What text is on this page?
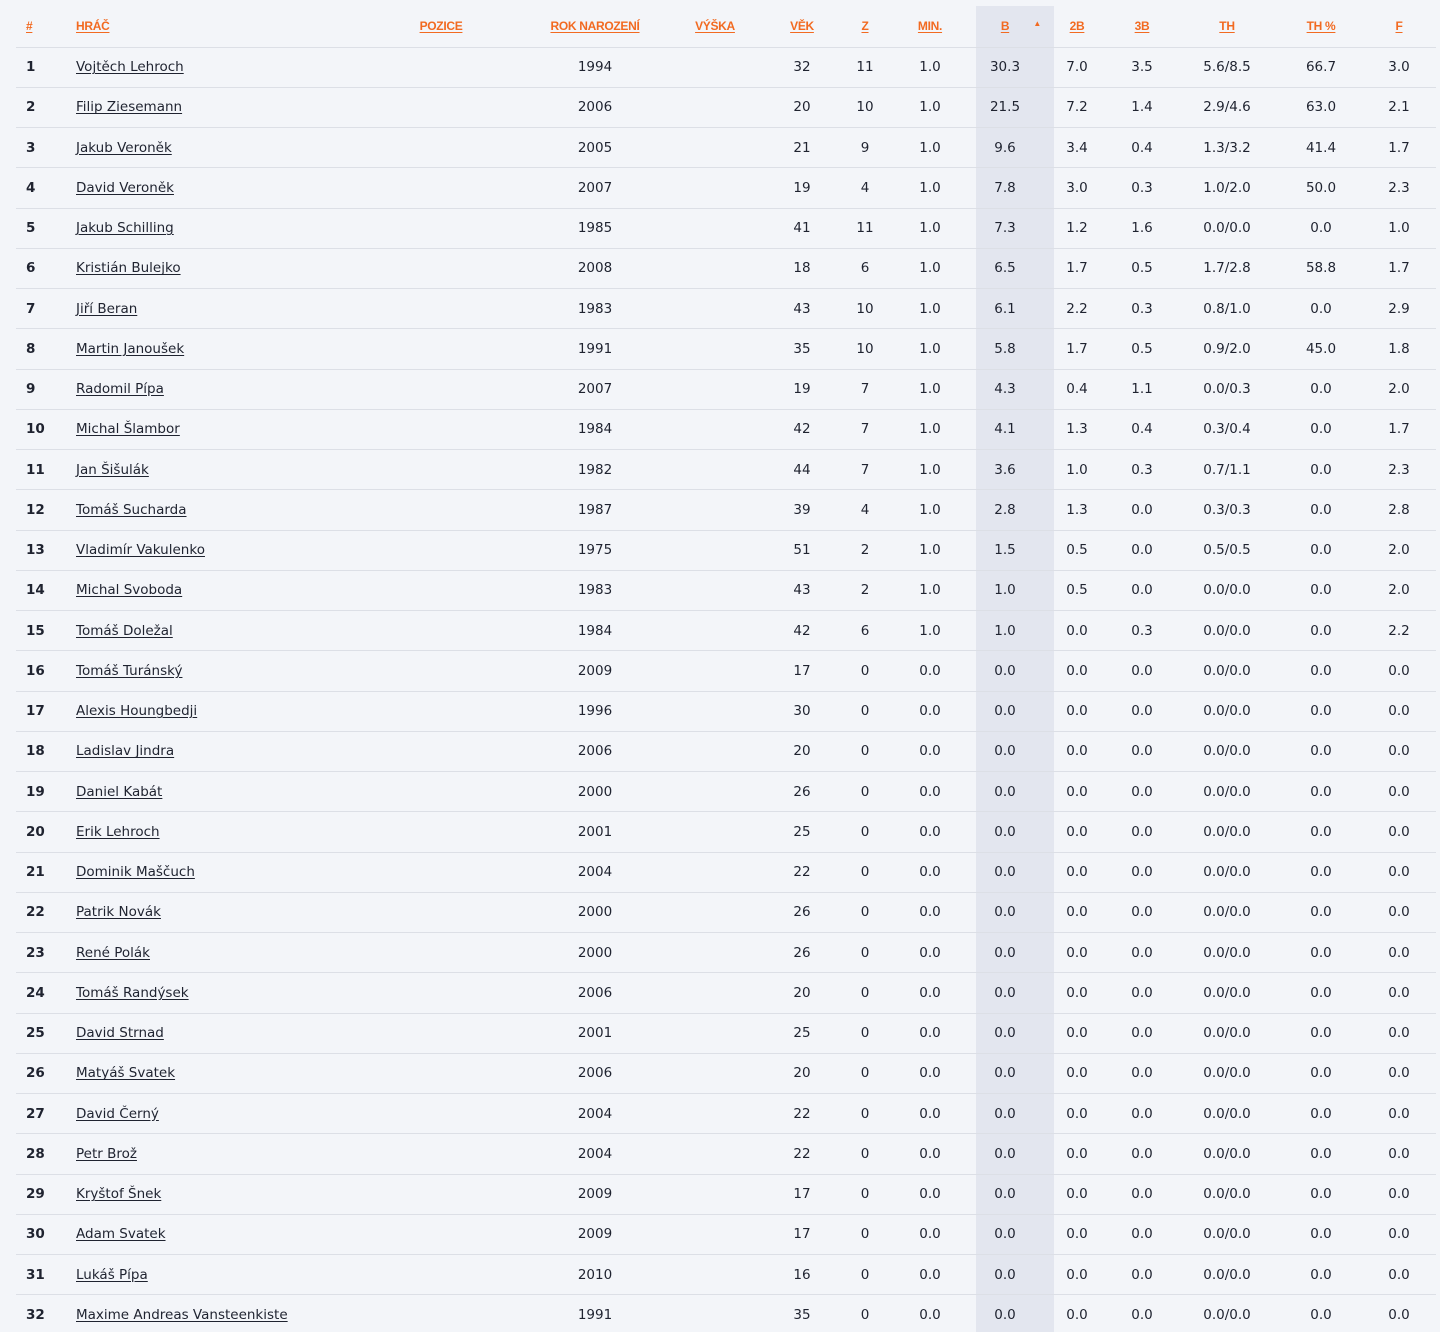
#	HRÁČ	POZICE	ROK NAROZENÍ	VÝŠKA	VĚK	Z	MIN.	B ▲	2B	3B	TH	TH %	F
1	Vojtěch Lehroch		1994		32	11	1.0	30.3	7.0	3.5	5.6/8.5	66.7	3.0
2	Filip Ziesemann		2006		20	10	1.0	21.5	7.2	1.4	2.9/4.6	63.0	2.1
3	Jakub Veroněk		2005		21	9	1.0	9.6	3.4	0.4	1.3/3.2	41.4	1.7
4	David Veroněk		2007		19	4	1.0	7.8	3.0	0.3	1.0/2.0	50.0	2.3
5	Jakub Schilling		1985		41	11	1.0	7.3	1.2	1.6	0.0/0.0	0.0	1.0
6	Kristián Bulejko		2008		18	6	1.0	6.5	1.7	0.5	1.7/2.8	58.8	1.7
7	Jiří Beran		1983		43	10	1.0	6.1	2.2	0.3	0.8/1.0	0.0	2.9
8	Martin Janoušek		1991		35	10	1.0	5.8	1.7	0.5	0.9/2.0	45.0	1.8
9	Radomil Pípa		2007		19	7	1.0	4.3	0.4	1.1	0.0/0.3	0.0	2.0
10	Michal Šlambor		1984		42	7	1.0	4.1	1.3	0.4	0.3/0.4	0.0	1.7
11	Jan Šišulák		1982		44	7	1.0	3.6	1.0	0.3	0.7/1.1	0.0	2.3
12	Tomáš Sucharda		1987		39	4	1.0	2.8	1.3	0.0	0.3/0.3	0.0	2.8
13	Vladimír Vakulenko		1975		51	2	1.0	1.5	0.5	0.0	0.5/0.5	0.0	2.0
14	Michal Svoboda		1983		43	2	1.0	1.0	0.5	0.0	0.0/0.0	0.0	2.0
15	Tomáš Doležal		1984		42	6	1.0	1.0	0.0	0.3	0.0/0.0	0.0	2.2
16	Tomáš Turánský		2009		17	0	0.0	0.0	0.0	0.0	0.0/0.0	0.0	0.0
17	Alexis Houngbedji		1996		30	0	0.0	0.0	0.0	0.0	0.0/0.0	0.0	0.0
18	Ladislav Jindra		2006		20	0	0.0	0.0	0.0	0.0	0.0/0.0	0.0	0.0
19	Daniel Kabát		2000		26	0	0.0	0.0	0.0	0.0	0.0/0.0	0.0	0.0
20	Erik Lehroch		2001		25	0	0.0	0.0	0.0	0.0	0.0/0.0	0.0	0.0
21	Dominik Maščuch		2004		22	0	0.0	0.0	0.0	0.0	0.0/0.0	0.0	0.0
22	Patrik Novák		2000		26	0	0.0	0.0	0.0	0.0	0.0/0.0	0.0	0.0
23	René Polák		2000		26	0	0.0	0.0	0.0	0.0	0.0/0.0	0.0	0.0
24	Tomáš Randýsek		2006		20	0	0.0	0.0	0.0	0.0	0.0/0.0	0.0	0.0
25	David Strnad		2001		25	0	0.0	0.0	0.0	0.0	0.0/0.0	0.0	0.0
26	Matyáš Svatek		2006		20	0	0.0	0.0	0.0	0.0	0.0/0.0	0.0	0.0
27	David Černý		2004		22	0	0.0	0.0	0.0	0.0	0.0/0.0	0.0	0.0
28	Petr Brož		2004		22	0	0.0	0.0	0.0	0.0	0.0/0.0	0.0	0.0
29	Kryštof Šnek		2009		17	0	0.0	0.0	0.0	0.0	0.0/0.0	0.0	0.0
30	Adam Svatek		2009		17	0	0.0	0.0	0.0	0.0	0.0/0.0	0.0	0.0
31	Lukáš Pípa		2010		16	0	0.0	0.0	0.0	0.0	0.0/0.0	0.0	0.0
32	Maxime Andreas Vansteenkiste		1991		35	0	0.0	0.0	0.0	0.0	0.0/0.0	0.0	0.0
